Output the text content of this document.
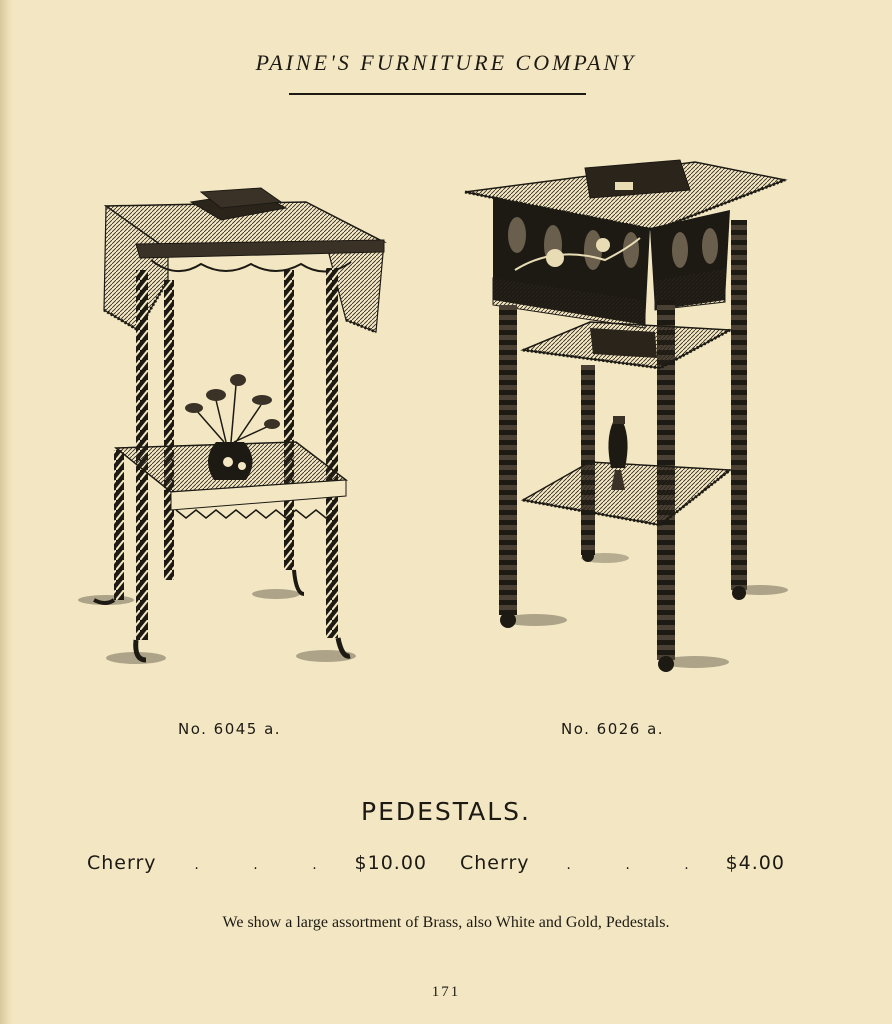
PAINE'S FURNITURE COMPANY
No. 6045 a.	No. 6026 a.
PEDESTALS.
Cherry	. . .	$10.00 Cherry	. . .	$4.00
We show a large assortment of Brass, also White and Gold, Pedestals.
171
